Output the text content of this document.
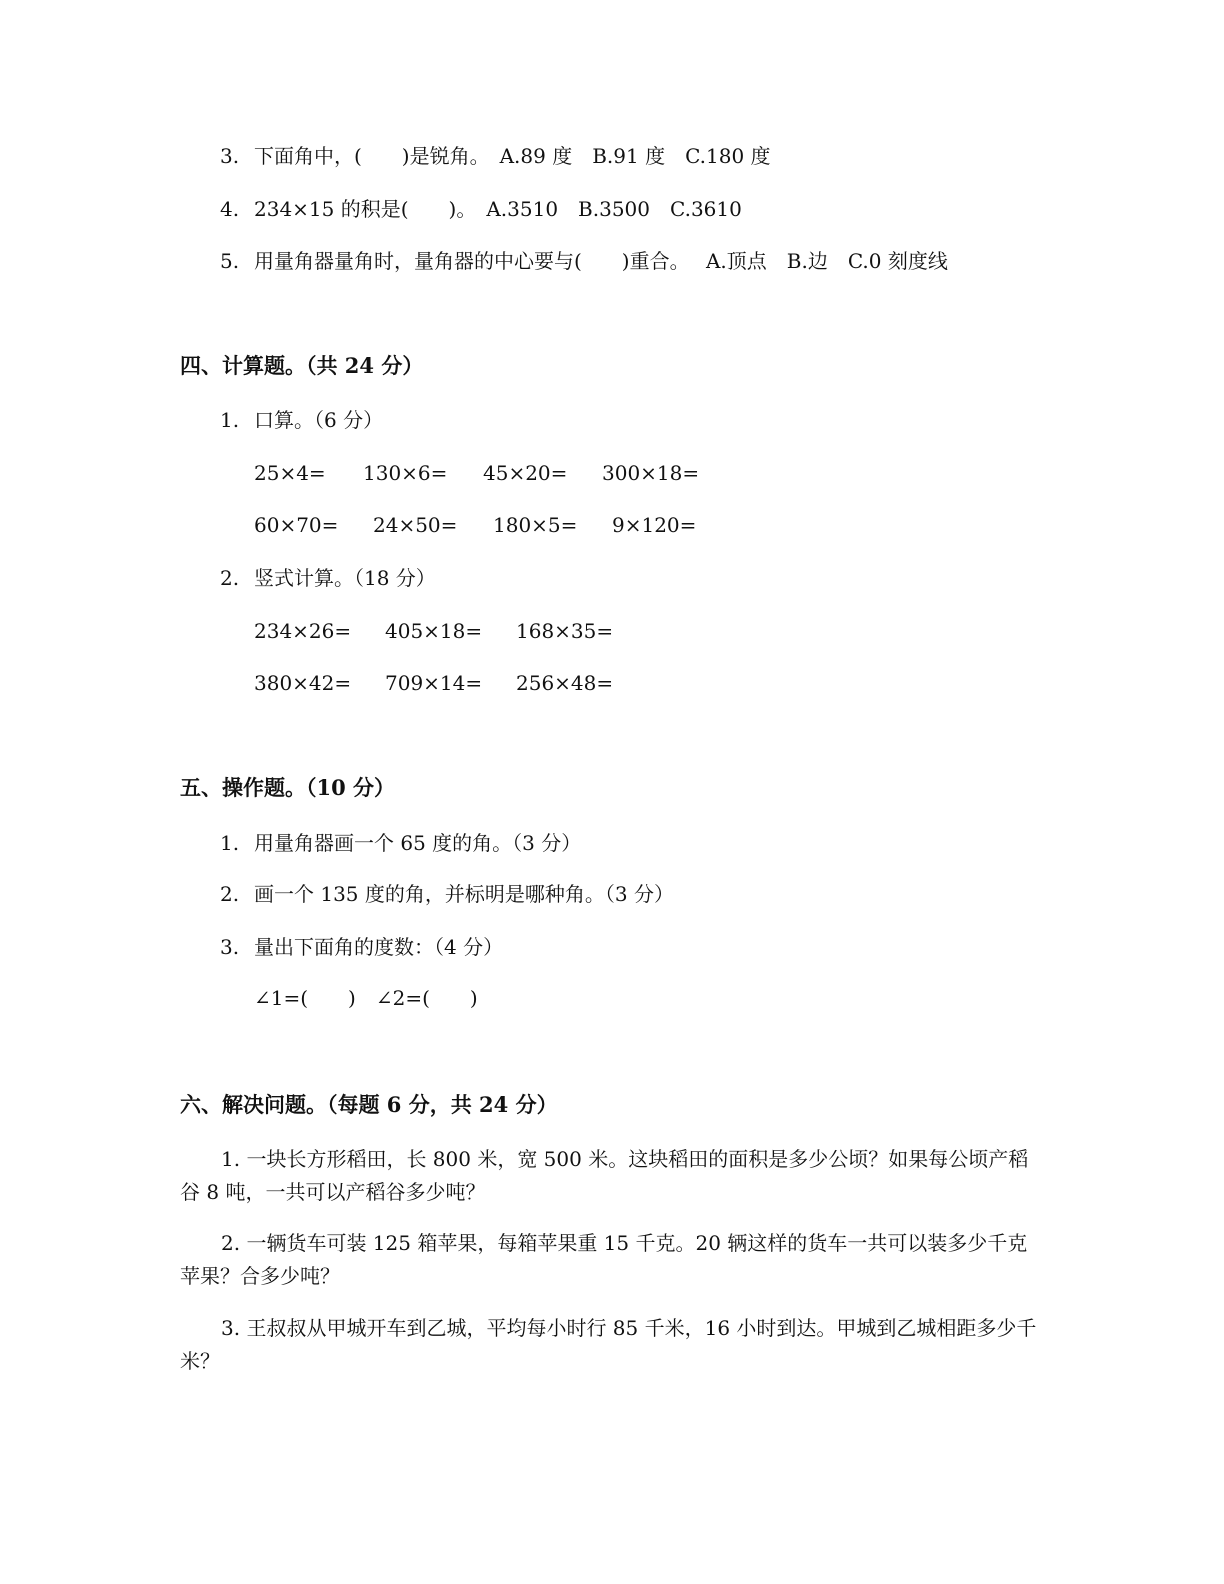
3. 下面角中，(　　)是锐角。　A.89 度　B.91 度　C.180 度
4. 234×15 的积是(　　)。　A.3510　B.3500　C.3610
5. 用量角器量角时，量角器的中心要与(　　)重合。　 A.顶点　B.边　C.0 刻度线
四、计算题。（共 24 分）
1. 口算。（6 分）

25×4=

130×6=

45×20=

300×18=

60×70=

24×50=

180×5=

9×120=

2. 竖式计算。（18 分）

234×26=

405×18=

168×35=

380×42=

709×14=

256×48=

五、操作题。（10 分）
1. 用量角器画一个 65 度的角。（3 分）
2. 画一个 135 度的角，并标明是哪种角。（3 分）
3. 量出下面角的度数：（4 分）
∠1=(　　)　∠2=(　　)
六、解决问题。（每题 6 分，共 24 分）
1. 一块长方形稻田，长 800 米，宽 500 米。这块稻田的面积是多少公顷？如果每公顷产稻谷 8 吨，一共可以产稻谷多少吨？
2. 一辆货车可装 125 箱苹果，每箱苹果重 15 千克。20 辆这样的货车一共可以装多少千克苹果？合多少吨？
3. 王叔叔从甲城开车到乙城，平均每小时行 85 千米，16 小时到达。甲城到乙城相距多少千米？
